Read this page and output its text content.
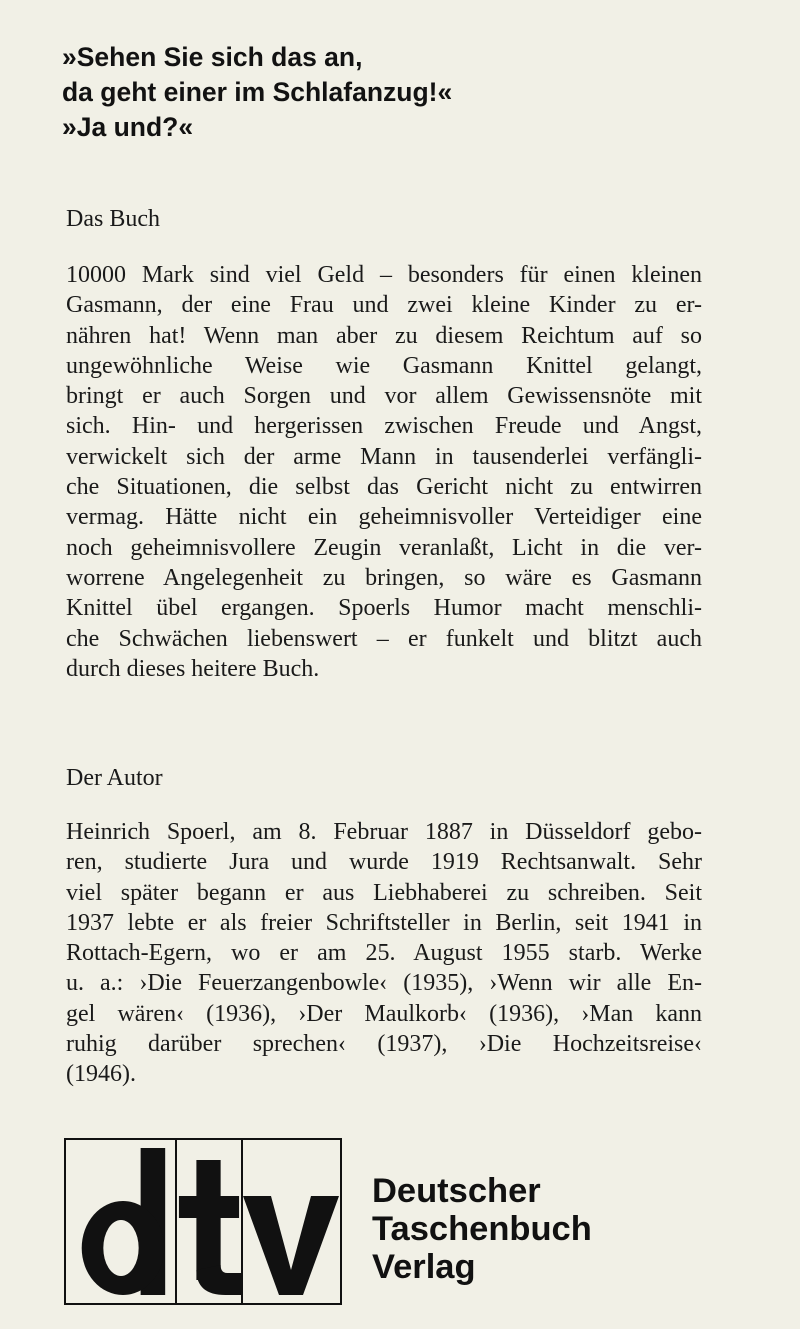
»Sehen Sie sich das an,
da geht einer im Schlafanzug!«
»Ja und?«
Das Buch

10000 Mark sind viel Geld – besonders für einen kleinen
Gasmann, der eine Frau und zwei kleine Kinder zu er-
nähren hat! Wenn man aber zu diesem Reichtum auf so
ungewöhnliche Weise wie Gasmann Knittel gelangt,
bringt er auch Sorgen und vor allem Gewissensnöte mit
sich. Hin- und hergerissen zwischen Freude und Angst,
verwickelt sich der arme Mann in tausenderlei verfängli-
che Situationen, die selbst das Gericht nicht zu entwirren
vermag. Hätte nicht ein geheimnisvoller Verteidiger eine
noch geheimnisvollere Zeugin veranlaßt, Licht in die ver-
worrene Angelegenheit zu bringen, so wäre es Gasmann
Knittel übel ergangen. Spoerls Humor macht menschli-
che Schwächen liebenswert – er funkelt und blitzt auch
durch dieses heitere Buch.

Der Autor

Heinrich Spoerl, am 8. Februar 1887 in Düsseldorf gebo-
ren, studierte Jura und wurde 1919 Rechtsanwalt. Sehr
viel später begann er aus Liebhaberei zu schreiben. Seit
1937 lebte er als freier Schriftsteller in Berlin, seit 1941 in
Rottach-Egern, wo er am 25. August 1955 starb. Werke
u. a.: ›Die Feuerzangenbowle‹ (1935), ›Wenn wir alle En-
gel wären‹ (1936), ›Der Maulkorb‹ (1936), ›Man kann
ruhig darüber sprechen‹ (1937), ›Die Hochzeitsreise‹
(1946).

Deutscher
Taschenbuch
Verlag
